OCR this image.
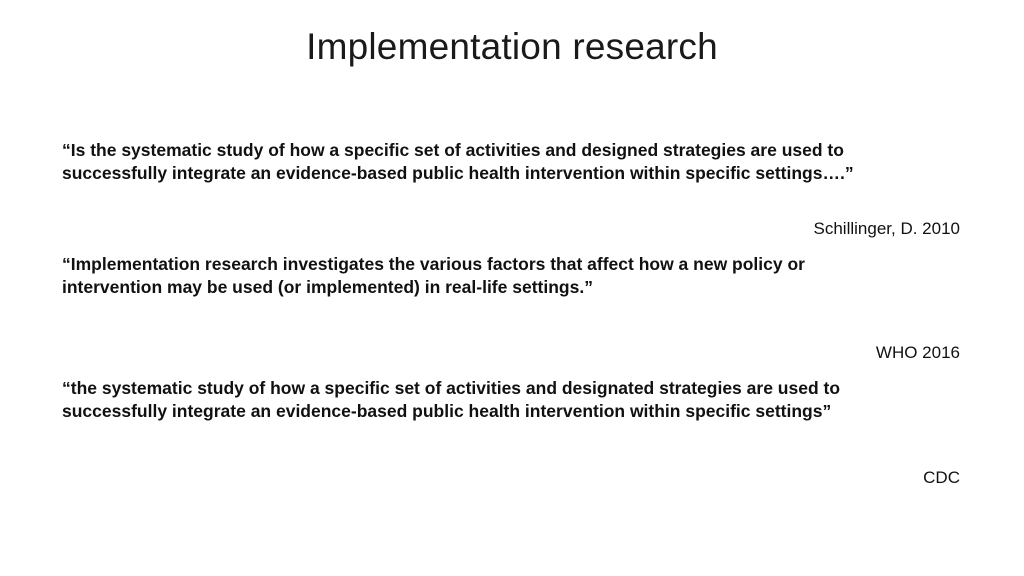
Implementation research

“Is the systematic study of how a specific set of activities and designed strategies are used to successfully integrate an evidence-based public health intervention within specific settings….”

Schillinger, D. 2010

“Implementation research investigates the various factors that affect how a new policy or intervention may be used (or implemented) in real-life settings.”

WHO 2016

“the systematic study of how a specific set of activities and designated strategies are used to successfully integrate an evidence-based public health intervention within specific settings”

CDC
